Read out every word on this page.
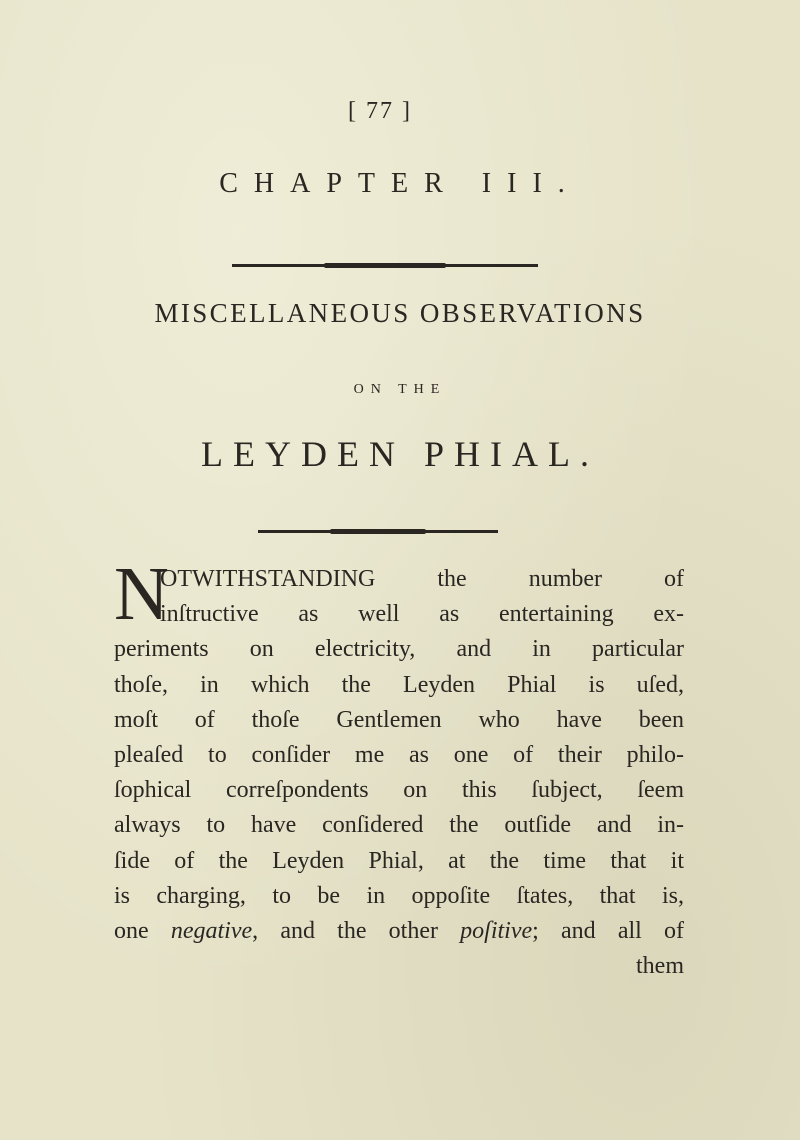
[ 77 ]
CHAPTER III.
MISCELLANEOUS OBSERVATIONS
ON THE
LEYDEN PHIAL.
N
OTWITHSTANDING the number of
inſtructive as well as entertaining ex-
periments on electricity, and in particular
thoſe, in which the Leyden Phial is uſed,
moſt of thoſe Gentlemen who have been
pleaſed to conſider me as one of their philo-
ſophical correſpondents on this ſubject, ſeem
always to have conſidered the outſide and in-
ſide of the Leyden Phial, at the time that it
is charging, to be in oppoſite ſtates, that is,
one negative, and the other poſitive; and all of
them
